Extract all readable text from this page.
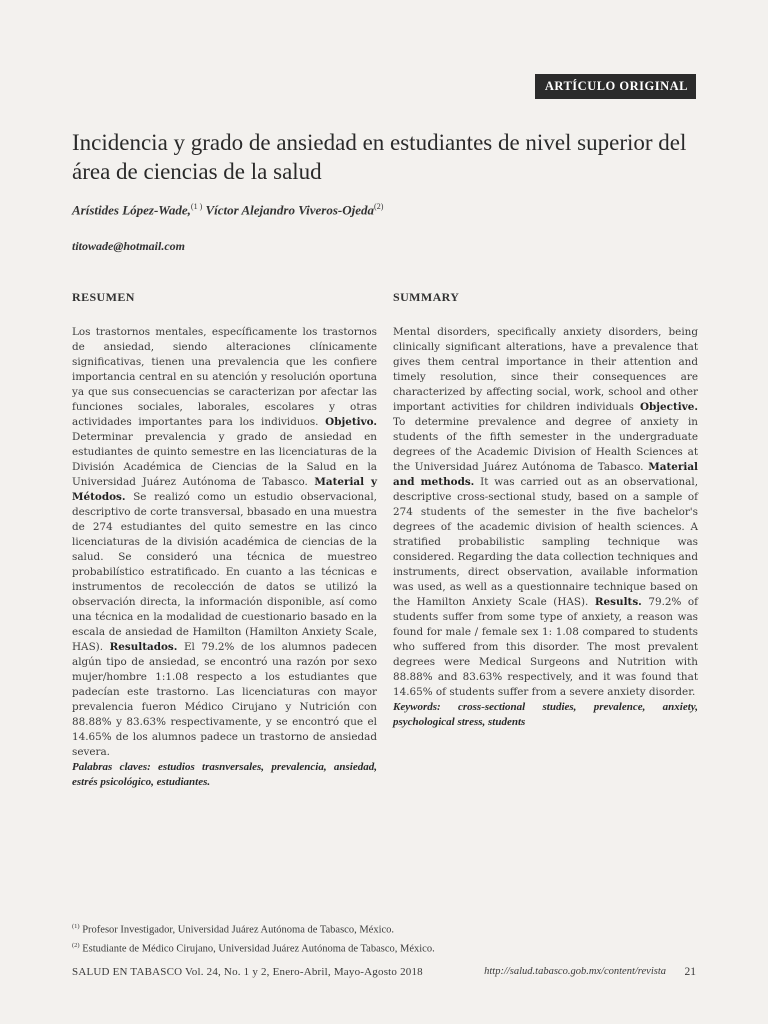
ARTÍCULO ORIGINAL
Incidencia y grado de ansiedad en estudiantes de nivel superior del área de ciencias de la salud
Arístides López-Wade,$^{(1 )}$ Víctor Alejandro Viveros-Ojeda$^{(2)}$
titowade@hotmail.com
RESUMEN

Los trastornos mentales, específicamente los trastornos de ansiedad, siendo alteraciones clínicamente significativas, tienen una prevalencia que les confiere importancia central en su atención y resolución oportuna ya que sus consecuencias se caracterizan por afectar las funciones sociales, laborales, escolares y otras actividades importantes para los individuos. Objetivo. Determinar prevalencia y grado de ansiedad en estudiantes de quinto semestre en las licenciaturas de la División Académica de Ciencias de la Salud en la Universidad Juárez Autónoma de Tabasco. Material y Métodos. Se realizó como un estudio observacional, descriptivo de corte transversal, bbasado en una muestra de 274 estudiantes del quito semestre en las cinco licenciaturas de la división académica de ciencias de la salud. Se consideró una técnica de muestreo probabilístico estratificado. En cuanto a las técnicas e instrumentos de recolección de datos se utilizó la observación directa, la información disponible, así como una técnica en la modalidad de cuestionario basado en la escala de ansiedad de Hamilton (Hamilton Anxiety Scale, HAS). Resultados. El 79.2% de los alumnos padecen algún tipo de ansiedad, se encontró una razón por sexo mujer/hombre 1:1.08 respecto a los estudiantes que padecían este trastorno. Las licenciaturas con mayor prevalencia fueron Médico Cirujano y Nutrición con 88.88% y 83.63% respectivamente, y se encontró que el 14.65% de los alumnos padece un trastorno de ansiedad severa.

Palabras claves: estudios trasnversales, prevalencia, ansiedad, estrés psicológico, estudiantes.
SUMMARY

Mental disorders, specifically anxiety disorders, being clinically significant alterations, have a prevalence that gives them central importance in their attention and timely resolution, since their consequences are characterized by affecting social, work, school and other important activities for children individuals Objective. To determine prevalence and degree of anxiety in students of the fifth semester in the undergraduate degrees of the Academic Division of Health Sciences at the Universidad Juárez Autónoma de Tabasco. Material and methods. It was carried out as an observational, descriptive cross-sectional study, based on a sample of 274 students of the semester in the five bachelor's degrees of the academic division of health sciences. A stratified probabilistic sampling technique was considered. Regarding the data collection techniques and instruments, direct observation, available information was used, as well as a questionnaire technique based on the Hamilton Anxiety Scale (HAS). Results. 79.2% of students suffer from some type of anxiety, a reason was found for male / female sex 1: 1.08 compared to students who suffered from this disorder. The most prevalent degrees were Medical Surgeons and Nutrition with 88.88% and 83.63% respectively, and it was found that 14.65% of students suffer from a severe anxiety disorder.

Keywords: cross-sectional studies, prevalence, anxiety, psychological stress, students
$^{(1)}$ Profesor Investigador, Universidad Juárez Autónoma de Tabasco, México.
$^{(2)}$ Estudiante de Médico Cirujano, Universidad Juárez Autónoma de Tabasco, México.
SALUD EN TABASCO Vol. 24, No. 1 y 2, Enero-Abril, Mayo-Agosto 2018	http://salud.tabasco.gob.mx/content/revista 21
